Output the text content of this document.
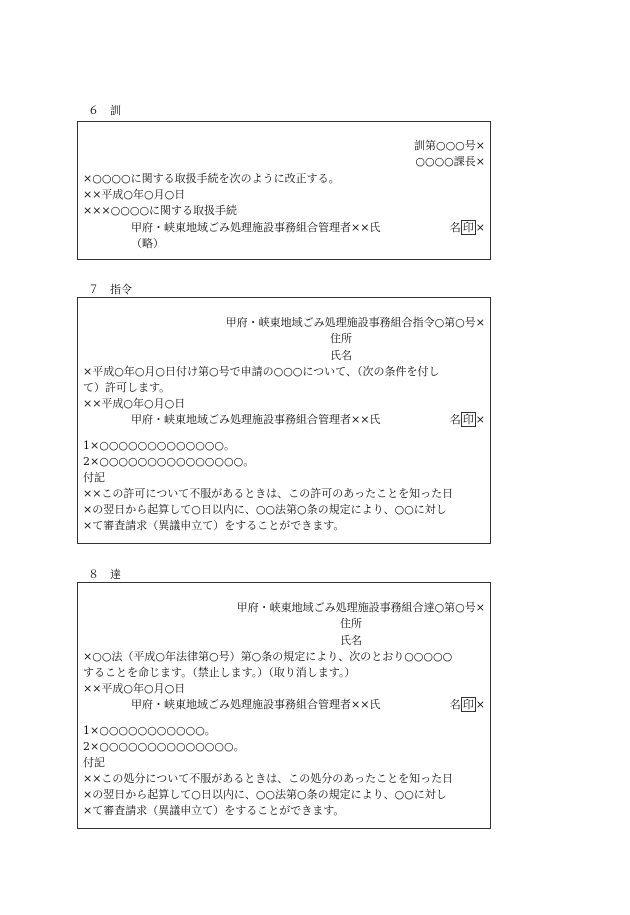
６　訓
訓第○○○号×
○○○○課長×
×○○○○に関する取扱手続を次のように改正する。
××平成○年○月○日
×××○○○○に関する取扱手続
甲府・峡東地域ごみ処理施設事務組合管理者××氏	名 印 ×
（略）
７　指令
甲府・峡東地域ごみ処理施設事務組合指令○第○号×
住所
氏名
×平成○年○月○日付け第○号で申請の○○○について、（次の条件を付し
て）許可します。
××平成○年○月○日
甲府・峡東地域ごみ処理施設事務組合管理者××氏	名 印 ×
1×○○○○○○○○○○○○○。
2×○○○○○○○○○○○○○○○。
付記
××この許可について不服があるときは、この許可のあったことを知った日
×の翌日から起算して○日以内に、○○法第○条の規定により、○○に対し
×て審査請求（異議申立て）をすることができます。
８　達
甲府・峡東地域ごみ処理施設事務組合達○第○号×
住所
氏名
×○○法（平成○年法律第○号）第○条の規定により、次のとおり○○○○○
することを命じます。（禁止します。）（取り消します。）
××平成○年○月○日
甲府・峡東地域ごみ処理施設事務組合管理者××氏	名 印 ×
1×○○○○○○○○○○○。
2×○○○○○○○○○○○○○○。
付記
××この処分について不服があるときは、この処分のあったことを知った日
×の翌日から起算して○日以内に、○○法第○条の規定により、○○に対し
×て審査請求（異議申立て）をすることができます。
